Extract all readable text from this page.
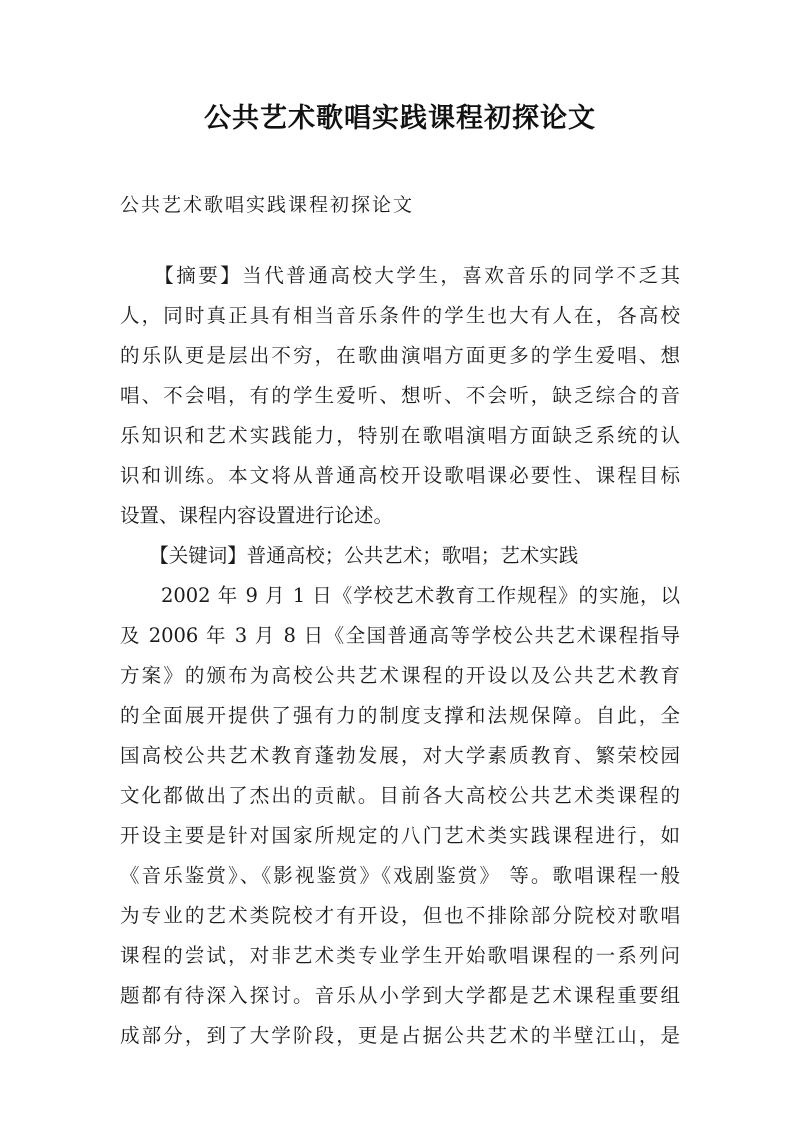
公共艺术歌唱实践课程初探论文
公共艺术歌唱实践课程初探论文
　　【摘要】当代普通高校大学生，喜欢音乐的同学不乏其
人，同时真正具有相当音乐条件的学生也大有人在，各高校
的乐队更是层出不穷，在歌曲演唱方面更多的学生爱唱、想
唱、不会唱，有的学生爱听、想听、不会听，缺乏综合的音
乐知识和艺术实践能力，特别在歌唱演唱方面缺乏系统的认
识和训练。本文将从普通高校开设歌唱课必要性、课程目标
设置、课程内容设置进行论述。
　　【关键词】普通高校；公共艺术；歌唱；艺术实践
　　2002 年 9 月 1 日《学校艺术教育工作规程》的实施，以
及 2006 年 3 月 8 日《全国普通高等学校公共艺术课程指导
方案》的颁布为高校公共艺术课程的开设以及公共艺术教育
的全面展开提供了强有力的制度支撑和法规保障。自此，全
国高校公共艺术教育蓬勃发展，对大学素质教育、繁荣校园
文化都做出了杰出的贡献。目前各大高校公共艺术类课程的
开设主要是针对国家所规定的八门艺术类实践课程进行，如
《音乐鉴赏》、《影视鉴赏》《戏剧鉴赏》 等。歌唱课程一般
为专业的艺术类院校才有开设，但也不排除部分院校对歌唱
课程的尝试，对非艺术类专业学生开始歌唱课程的一系列问
题都有待深入探讨。音乐从小学到大学都是艺术课程重要组
成部分，到了大学阶段，更是占据公共艺术的半壁江山，是
